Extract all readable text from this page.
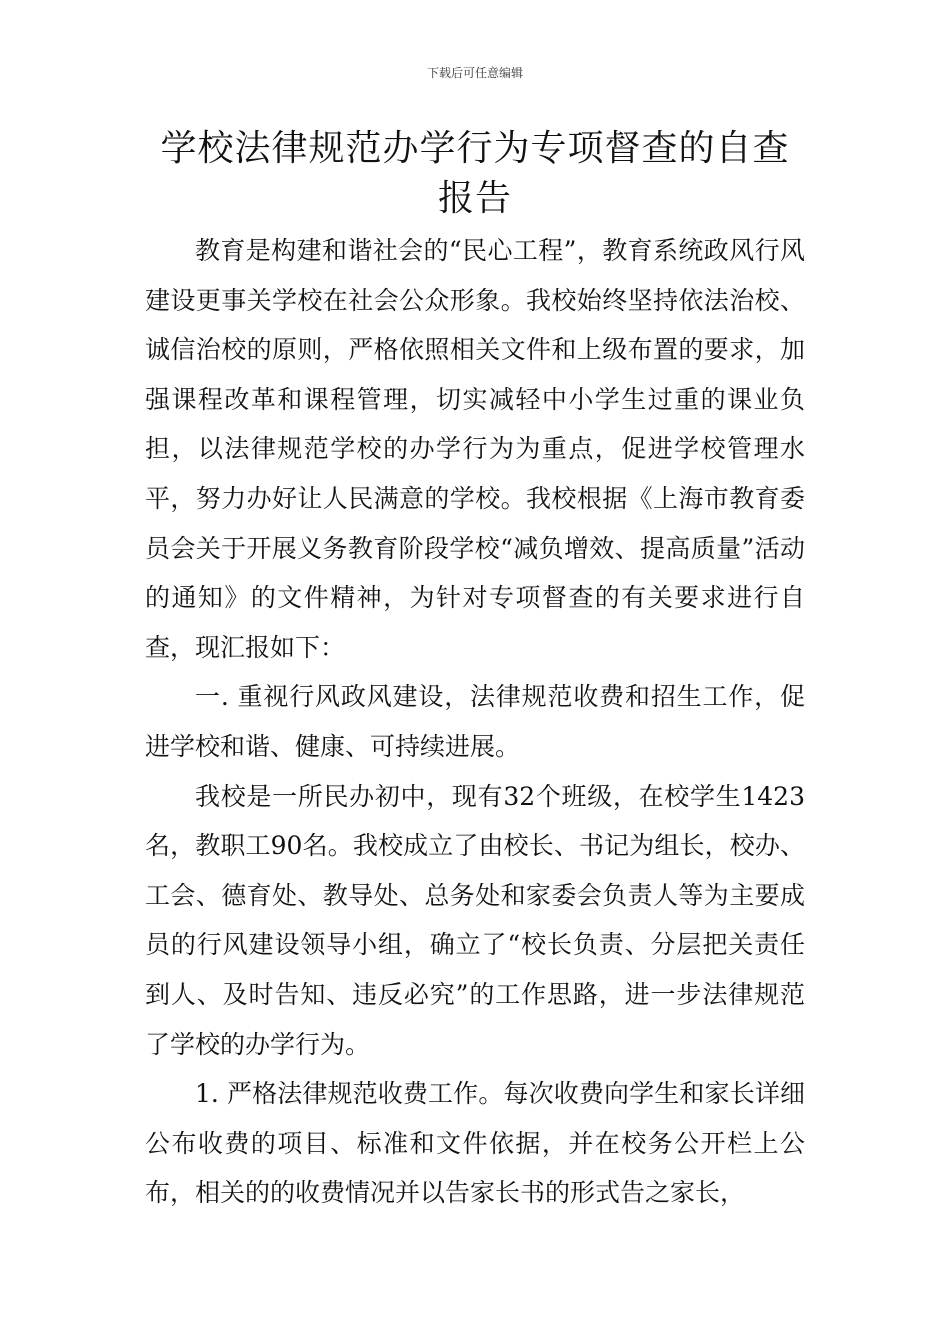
下载后可任意编辑
学校法律规范办学行为专项督查的自查报告

教育是构建和谐社会的“民心工程”，教育系统政风行风建设更事关学校在社会公众形象。我校始终坚持依法治校、诚信治校的原则，严格依照相关文件和上级布置的要求，加强课程改革和课程管理，切实减轻中小学生过重的课业负担，以法律规范学校的办学行为为重点，促进学校管理水平，努力办好让人民满意的学校。我校根据《上海市教育委员会关于开展义务教育阶段学校“减负增效、提高质量”活动的通知》的文件精神，为针对专项督查的有关要求进行自查，现汇报如下：

一. 重视行风政风建设，法律规范收费和招生工作，促进学校和谐、健康、可持续进展。

我校是一所民办初中，现有32个班级，在校学生1423名，教职工90名。我校成立了由校长、书记为组长，校办、工会、德育处、教导处、总务处和家委会负责人等为主要成员的行风建设领导小组，确立了“校长负责、分层把关责任到人、及时告知、违反必究”的工作思路，进一步法律规范了学校的办学行为。

1. 严格法律规范收费工作。每次收费向学生和家长详细公布收费的项目、标准和文件依据，并在校务公开栏上公布，相关的的收费情况并以告家长书的形式告之家长，
